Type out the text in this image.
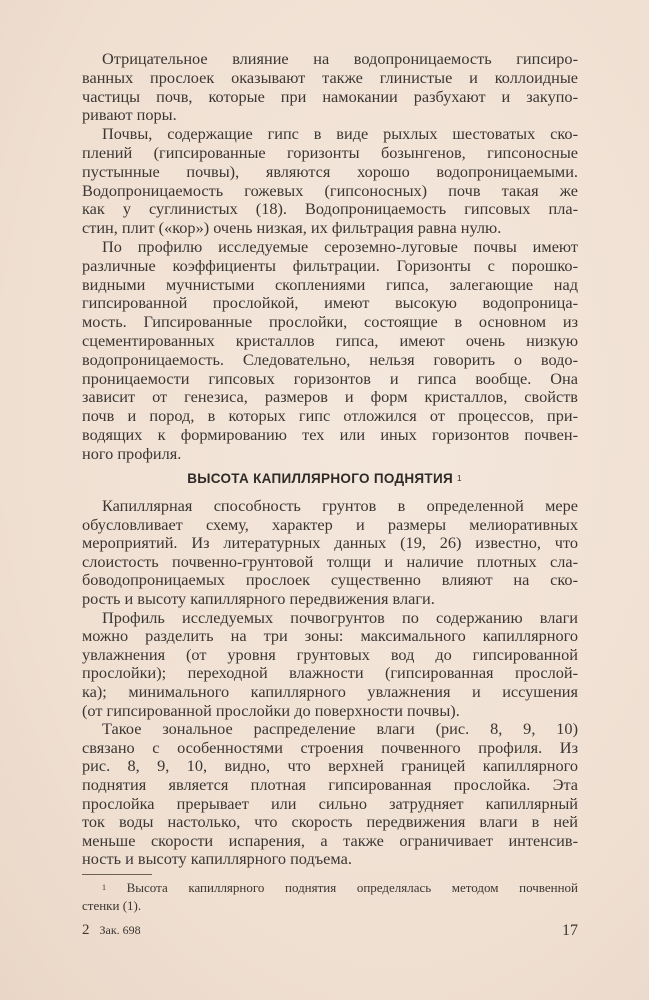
Отрицательное влияние на водопроницаемость гипсиро-
ванных прослоек оказывают также глинистые и коллоидные
частицы почв, которые при намокании разбухают и закупо-
ривают поры.
Почвы, содержащие гипс в виде рыхлых шестоватых ско-
плений (гипсированные горизонты бозынгенов, гипсоносные
пустынные почвы), являются хорошо водопроницаемыми.
Водопроницаемость гожевых (гипсоносных) почв такая же
как у суглинистых (18). Водопроницаемость гипсовых пла-
стин, плит («кор») очень низкая, их фильтрация равна нулю.
По профилю исследуемые сероземно-луговые почвы имеют
различные коэффициенты фильтрации. Горизонты с порошко-
видными мучнистыми скоплениями гипса, залегающие над
гипсированной прослойкой, имеют высокую водопроница-
мость. Гипсированные прослойки, состоящие в основном из
сцементированных кристаллов гипса, имеют очень низкую
водопроницаемость. Следовательно, нельзя говорить о водо-
проницаемости гипсовых горизонтов и гипса вообще. Она
зависит от генезиса, размеров и форм кристаллов, свойств
почв и пород, в которых гипс отложился от процессов, при-
водящих к формированию тех или иных горизонтов почвен-
ного профиля.
ВЫСОТА КАПИЛЛЯРНОГО ПОДНЯТИЯ $^1$
Капиллярная способность грунтов в определенной мере
обусловливает схему, характер и размеры мелиоративных
мероприятий. Из литературных данных (19, 26) известно, что
слоистость почвенно-грунтовой толщи и наличие плотных сла-
боводопроницаемых прослоек существенно влияют на ско-
рость и высоту капиллярного передвижения влаги.
Профиль исследуемых почвогрунтов по содержанию влаги
можно разделить на три зоны: максимального капиллярного
увлажнения (от уровня грунтовых вод до гипсированной
прослойки); переходной влажности (гипсированная прослой-
ка); минимального капиллярного увлажнения и иссушения
(от гипсированной прослойки до поверхности почвы).
Такое зональное распределение влаги (рис. 8, 9, 10)
связано с особенностями строения почвенного профиля. Из
рис. 8, 9, 10, видно, что верхней границей капиллярного
поднятия является плотная гипсированная прослойка. Эта
прослойка прерывает или сильно затрудняет капиллярный
ток воды настолько, что скорость передвижения влаги в ней
меньше скорости испарения, а также ограничивает интенсив-
ность и высоту капиллярного подъема.
$^1$ Высота капиллярного поднятия определялась методом почвенной
стенки (1).
2 Зак. 698	17
